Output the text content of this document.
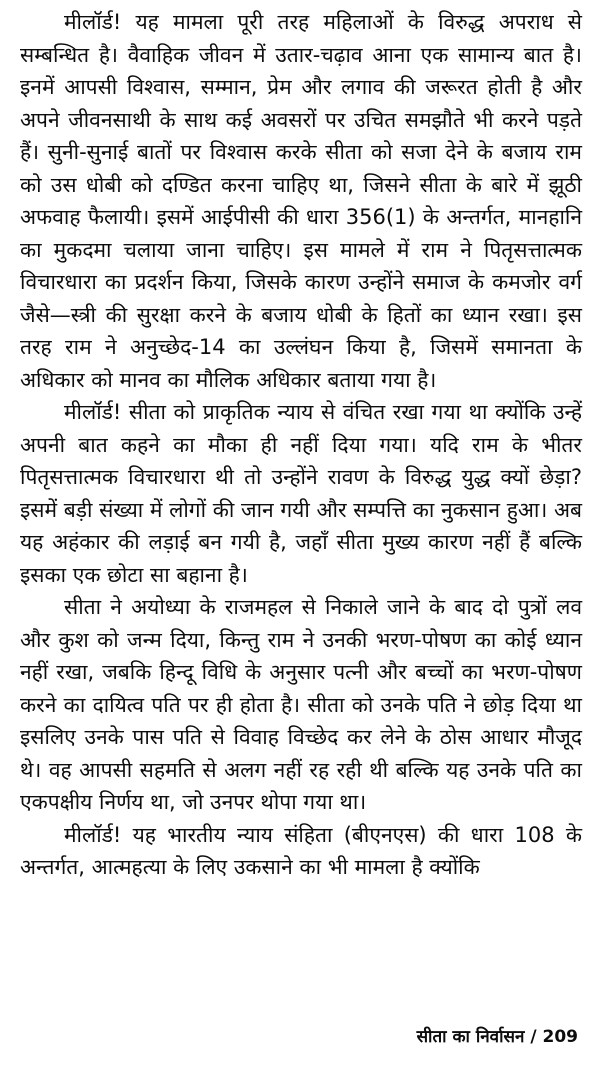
मीलॉर्ड! यह मामला पूरी तरह महिलाओं के विरुद्ध अपराध से सम्बन्धित है। वैवाहिक जीवन में उतार-चढ़ाव आना एक सामान्य बात है। इनमें आपसी विश्वास, सम्मान, प्रेम और लगाव की जरूरत होती है और अपने जीवनसाथी के साथ कई अवसरों पर उचित समझौते भी करने पड़ते हैं। सुनी-सुनाई बातों पर विश्वास करके सीता को सजा देने के बजाय राम को उस धोबी को दण्डित करना चाहिए था, जिसने सीता के बारे में झूठी अफवाह फैलायी। इसमें आईपीसी की धारा 356(1) के अन्तर्गत, मानहानि का मुकदमा चलाया जाना चाहिए। इस मामले में राम ने पितृसत्तात्मक विचारधारा का प्रदर्शन किया, जिसके कारण उन्होंने समाज के कमजोर वर्ग जैसे—स्त्री की सुरक्षा करने के बजाय धोबी के हितों का ध्यान रखा। इस तरह राम ने अनुच्छेद-14 का उल्लंघन किया है, जिसमें समानता के अधिकार को मानव का मौलिक अधिकार बताया गया है।

मीलॉर्ड! सीता को प्राकृतिक न्याय से वंचित रखा गया था क्योंकि उन्हें अपनी बात कहने का मौका ही नहीं दिया गया। यदि राम के भीतर पितृसत्तात्मक विचारधारा थी तो उन्होंने रावण के विरुद्ध युद्ध क्यों छेड़ा? इसमें बड़ी संख्या में लोगों की जान गयी और सम्पत्ति का नुकसान हुआ। अब यह अहंकार की लड़ाई बन गयी है, जहाँ सीता मुख्य कारण नहीं हैं बल्कि इसका एक छोटा सा बहाना है।

सीता ने अयोध्या के राजमहल से निकाले जाने के बाद दो पुत्रों लव और कुश को जन्म दिया, किन्तु राम ने उनकी भरण-पोषण का कोई ध्यान नहीं रखा, जबकि हिन्दू विधि के अनुसार पत्नी और बच्चों का भरण-पोषण करने का दायित्व पति पर ही होता है। सीता को उनके पति ने छोड़ दिया था इसलिए उनके पास पति से विवाह विच्छेद कर लेने के ठोस आधार मौजूद थे। वह आपसी सहमति से अलग नहीं रह रही थी बल्कि यह उनके पति का एकपक्षीय निर्णय था, जो उनपर थोपा गया था।

मीलॉर्ड! यह भारतीय न्याय संहिता (बीएनएस) की धारा 108 के अन्तर्गत, आत्महत्या के लिए उकसाने का भी मामला है क्योंकि

सीता का निर्वासन / 209
